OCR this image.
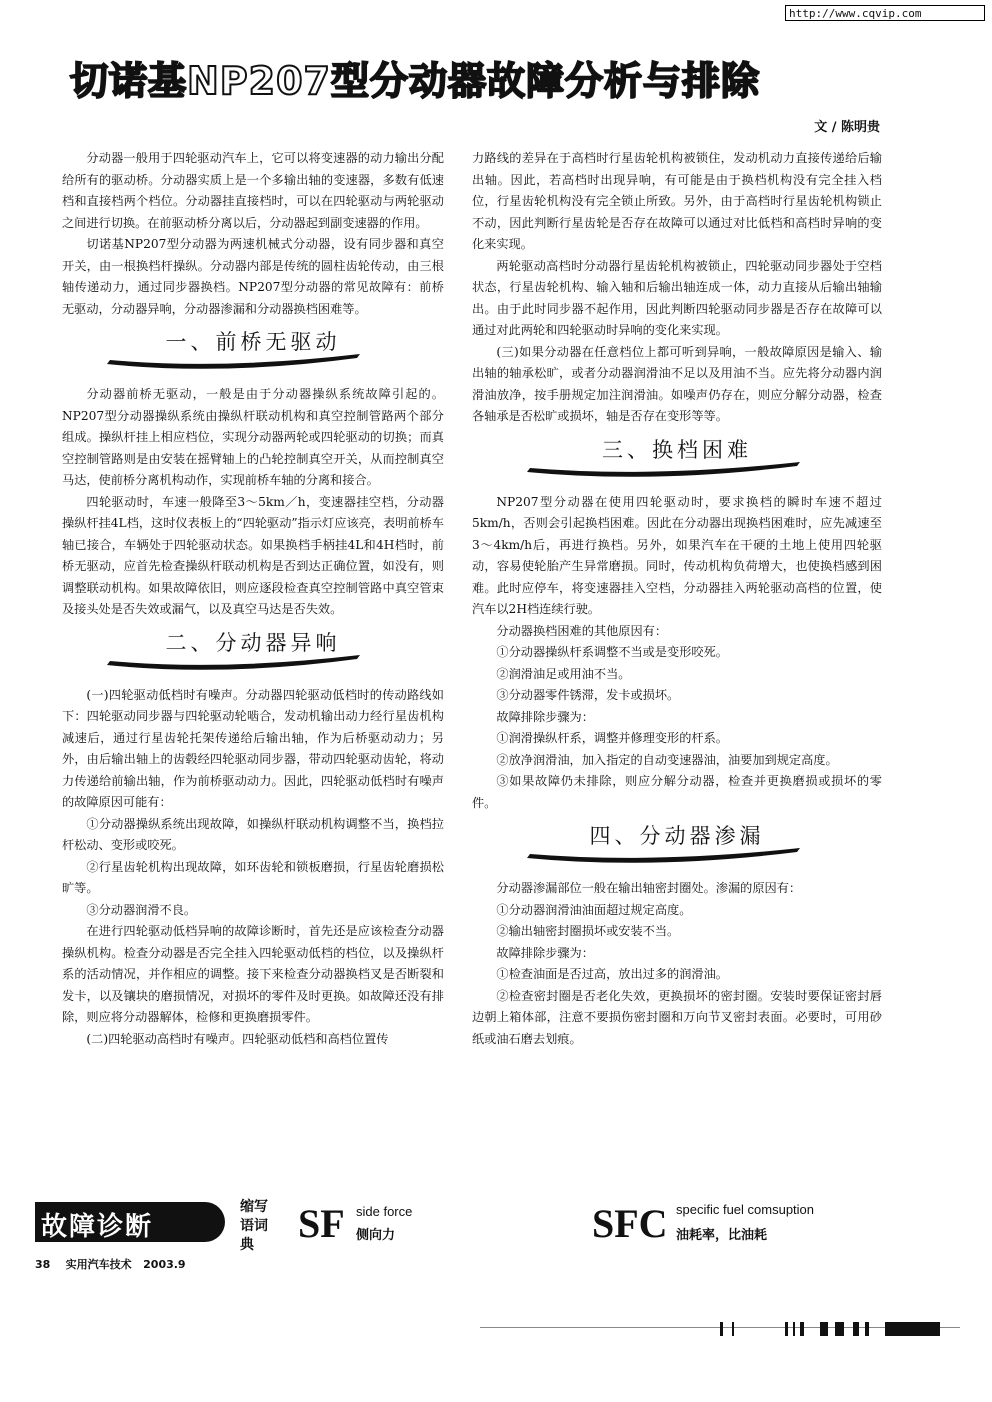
http://www.cqvip.com
切诺基NP207型分动器故障分析与排除
文 / 陈明贵

分动器一般用于四轮驱动汽车上，它可以将变速器的动力输出分配给所有的驱动桥。分动器实质上是一个多输出轴的变速器，多数有低速档和直接档两个档位。分动器挂直接档时，可以在四轮驱动与两轮驱动之间进行切换。在前驱动桥分离以后，分动器起到副变速器的作用。

切诺基NP207型分动器为两速机械式分动器，设有同步器和真空开关，由一根换档杆操纵。分动器内部是传统的圆柱齿轮传动，由三根轴传递动力，通过同步器换档。NP207型分动器的常见故障有：前桥无驱动，分动器异响，分动器渗漏和分动器换档困难等。

一、前桥无驱动

分动器前桥无驱动，一般是由于分动器操纵系统故障引起的。NP207型分动器操纵系统由操纵杆联动机构和真空控制管路两个部分组成。操纵杆挂上相应档位，实现分动器两轮或四轮驱动的切换；而真空控制管路则是由安装在摇臂轴上的凸轮控制真空开关，从而控制真空马达，使前桥分离机构动作，实现前桥车轴的分离和接合。

四轮驱动时，车速一般降至3～5km／h，变速器挂空档，分动器操纵杆挂4L档，这时仪表板上的“四轮驱动”指示灯应该亮，表明前桥车轴已接合，车辆处于四轮驱动状态。如果换档手柄挂4L和4H档时，前桥无驱动，应首先检查操纵杆联动机构是否到达正确位置，如没有，则调整联动机构。如果故障依旧，则应逐段检查真空控制管路中真空管束及接头处是否失效或漏气，以及真空马达是否失效。

二、分动器异响

(一)四轮驱动低档时有噪声。分动器四轮驱动低档时的传动路线如下：四轮驱动同步器与四轮驱动轮啮合，发动机输出动力经行星齿机构减速后，通过行星齿轮托架传递给后输出轴，作为后桥驱动动力；另外，由后输出轴上的齿毂经四轮驱动同步器，带动四轮驱动齿轮，将动力传递给前输出轴，作为前桥驱动动力。因此，四轮驱动低档时有噪声的故障原因可能有：

①分动器操纵系统出现故障，如操纵杆联动机构调整不当，换档拉杆松动、变形或咬死。

②行星齿轮机构出现故障，如环齿轮和锁板磨损，行星齿轮磨损松旷等。

③分动器润滑不良。

在进行四轮驱动低档异响的故障诊断时，首先还是应该检查分动器操纵机构。检查分动器是否完全挂入四轮驱动低档的档位，以及操纵杆系的活动情况，并作相应的调整。接下来检查分动器换档叉是否断裂和发卡，以及镶块的磨损情况，对损坏的零件及时更换。如故障还没有排除，则应将分动器解体，检修和更换磨损零件。

(二)四轮驱动高档时有噪声。四轮驱动低档和高档位置传

力路线的差异在于高档时行星齿轮机构被锁住，发动机动力直接传递给后输出轴。因此，若高档时出现异响，有可能是由于换档机构没有完全挂入档位，行星齿轮机构没有完全锁止所致。另外，由于高档时行星齿轮机构锁止不动，因此判断行星齿轮是否存在故障可以通过对比低档和高档时异响的变化来实现。

两轮驱动高档时分动器行星齿轮机构被锁止，四轮驱动同步器处于空档状态，行星齿轮机构、输入轴和后输出轴连成一体，动力直接从后输出轴输出。由于此时同步器不起作用，因此判断四轮驱动同步器是否存在故障可以通过对此两轮和四轮驱动时异响的变化来实现。

(三)如果分动器在任意档位上都可听到异响，一般故障原因是输入、输出轴的轴承松旷，或者分动器润滑油不足以及用油不当。应先将分动器内润滑油放净，按手册规定加注润滑油。如噪声仍存在，则应分解分动器，检查各轴承是否松旷或损坏，轴是否存在变形等等。

三、换档困难

NP207型分动器在使用四轮驱动时，要求换档的瞬时车速不超过5km/h，否则会引起换档困难。因此在分动器出现换档困难时，应先减速至3～4km/h后，再进行换档。另外，如果汽车在干硬的土地上使用四轮驱动，容易使轮胎产生异常磨损。同时，传动机构负荷增大，也使换档感到困难。此时应停车，将变速器挂入空档，分动器挂入两轮驱动高档的位置，使汽车以2H档连续行驶。

分动器换档困难的其他原因有：

①分动器操纵杆系调整不当或是变形咬死。

②润滑油足或用油不当。

③分动器零件锈滞，发卡或损坏。

故障排除步骤为：

①润滑操纵杆系，调整并修理变形的杆系。

②放净润滑油，加入指定的自动变速器油，油要加到规定高度。

③如果故障仍未排除，则应分解分动器，检查并更换磨损或损坏的零件。

四、分动器渗漏

分动器渗漏部位一般在输出轴密封圈处。渗漏的原因有：

①分动器润滑油油面超过规定高度。

②输出轴密封圈损坏或安装不当。

故障排除步骤为：

①检查油面是否过高，放出过多的润滑油。

②检查密封圈是否老化失效，更换损坏的密封圈。安装时要保证密封唇边朝上箱体部，注意不要损伤密封圈和万向节叉密封表面。必要时，可用砂纸或油石磨去划痕。

故障诊断
缩写语词典	SF side force
侧向力	SFC specific fuel comsuption
油耗率，比油耗
38 实用汽车技术 2003.9
